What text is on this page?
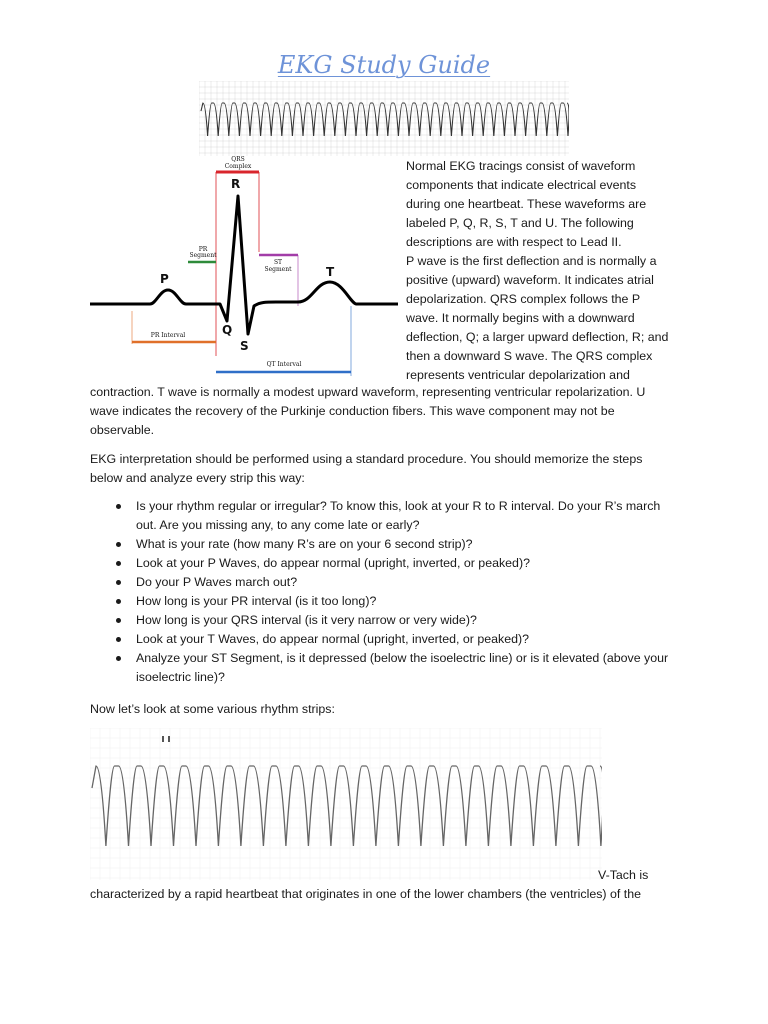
EKG Study Guide
QRS
Complex
R
PR
Segment
ST
Segment
P	T
Q
S
PR Interval
QT Interval
Normal EKG tracings consist of waveform
components that indicate electrical events
during one heartbeat. These waveforms are
labeled P, Q, R, S, T and U. The following
descriptions are with respect to Lead II.
P wave is the first deflection and is normally a
positive (upward) waveform. It indicates atrial
depolarization. QRS complex follows the P
wave. It normally begins with a downward
deflection, Q; a larger upward deflection, R; and
then a downward S wave. The QRS complex
represents ventricular depolarization and
contraction. T wave is normally a modest upward waveform, representing ventricular repolarization. U
wave indicates the recovery of the Purkinje conduction fibers. This wave component may not be
observable.
EKG interpretation should be performed using a standard procedure. You should memorize the steps
below and analyze every strip this way:
Is your rhythm regular or irregular? To know this, look at your R to R interval. Do your R’s march
out. Are you missing any, to any come late or early?
What is your rate (how many R’s are on your 6 second strip)?
Look at your P Waves, do appear normal (upright, inverted, or peaked)?
Do your P Waves march out?
How long is your PR interval (is it too long)?
How long is your QRS interval (is it very narrow or very wide)?
Look at your T Waves, do appear normal (upright, inverted, or peaked)?
Analyze your ST Segment, is it depressed (below the isoelectric line) or is it elevated (above your
isoelectric line)?
Now let’s look at some various rhythm strips:
V-Tach is
characterized by a rapid heartbeat that originates in one of the lower chambers (the ventricles) of the
